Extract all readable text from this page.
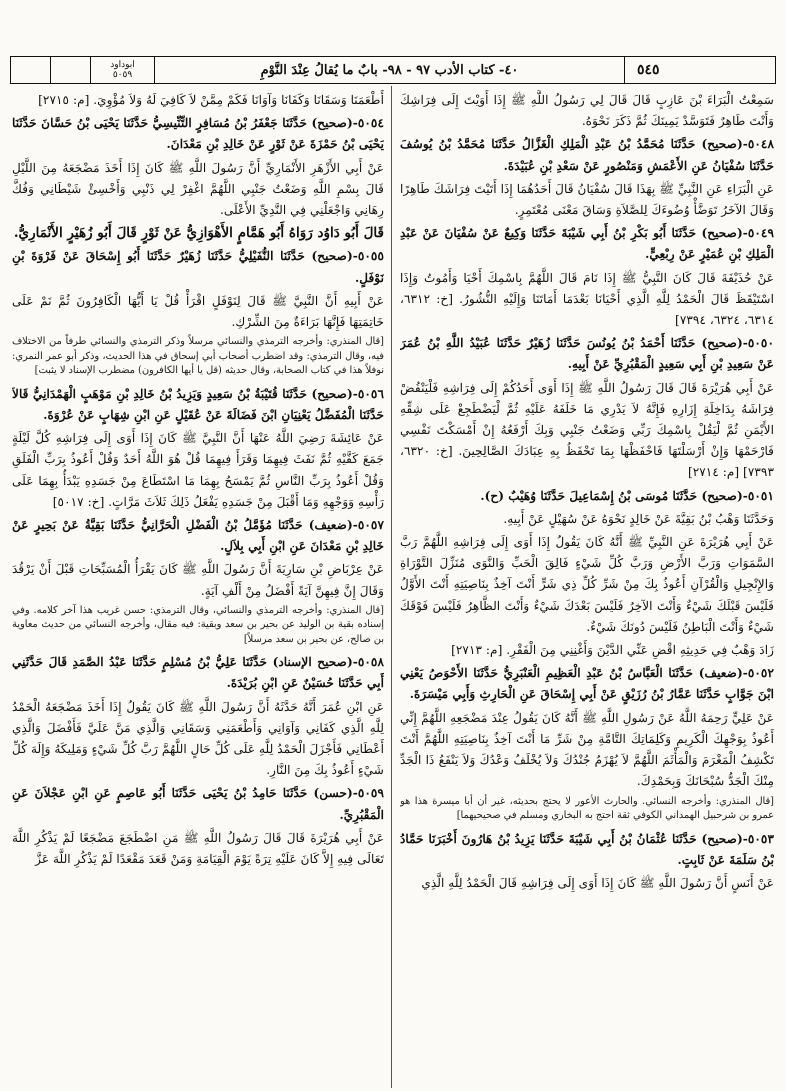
ابوداود
٥٠٥٩	٤٠- كتاب الأدب ٩٧ - ٩٨- بابٌ ما يُقالُ عِنْدَ النَّوْمِ	٥٤٥

سَمِعْتُ الْبَرَاءَ بْنَ عَازِبٍ قَالَ قَالَ لِي رَسُولُ اللَّهِ ﷺ إِذَا أَوَيْتَ إِلَى فِرَاشِكَ وَأَنْتَ طَاهِرٌ فَتَوَسَّدْ يَمِينَكَ ثُمَّ ذَكَرَ نَحْوَهُ.

٥٠٤٨-(صحيح) حَدَّثَنَا مُحَمَّدُ بْنُ عَبْدِ الْمَلِكِ الْغَزَّالُ حَدَّثَنَا مُحَمَّدُ بْنُ يُوسُفَ حَدَّثَنَا سُفْيَانُ عَنِ الأَعْمَشِ وَمَنْصُورٍ عَنْ سَعْدِ بْنِ عُبَيْدَةَ.

عَنِ الْبَرَاءِ عَنِ النَّبِيِّ ﷺ بِهَذَا قَالَ سُفْيَانُ قَالَ أَحَدُهُمَا إِذَا أَتَيْتَ فِرَاشَكَ طَاهِرًا وَقَالَ الآخَرُ تَوَضَّأْ وُضُوءَكَ لِلصَّلاَةِ وَسَاقَ مَعْنَى مُعْتَمِرٍ.

٥٠٤٩-(صحيح) حَدَّثَنَا أَبُو بَكْرِ بْنُ أَبِي شَيْبَةَ حَدَّثَنَا وَكِيعٌ عَنْ سُفْيَانَ عَنْ عَبْدِ الْمَلِكِ بْنِ عُمَيْرٍ عَنْ رِبْعِيٍّ.

عَنْ حُذَيْفَةَ قَالَ كَانَ النَّبِيُّ ﷺ إِذَا نَامَ قَالَ اللَّهُمَّ بِاسْمِكَ أَحْيَا وَأَمُوتُ وَإِذَا اسْتَيْقَظَ قَالَ الْحَمْدُ لِلَّهِ الَّذِي أَحْيَانَا بَعْدَمَا أَمَاتَنَا وَإِلَيْهِ النُّشُورُ. [خ: ٦٣١٢، ٦٣١٤، ٦٣٢٤، ٧٣٩٤]

٥٠٥٠-(صحيح) حَدَّثَنَا أَحْمَدُ بْنُ يُونُسَ حَدَّثَنَا زُهَيْرٌ حَدَّثَنَا عُبَيْدُ اللَّهِ بْنُ عُمَرَ عَنْ سَعِيدِ بْنِ أَبِي سَعِيدٍ الْمَقْبُرِيِّ عَنْ أَبِيهِ.

عَنْ أَبِي هُرَيْرَةَ قَالَ قَالَ رَسُولُ اللَّهِ ﷺ إِذَا أَوَى أَحَدُكُمْ إِلَى فِرَاشِهِ فَلْيَنْفُضْ فِرَاشَهُ بِدَاخِلَةِ إِزَارِهِ فَإِنَّهُ لاَ يَدْرِي مَا خَلَفَهُ عَلَيْهِ ثُمَّ لْيَضْطَجِعْ عَلَى شِقِّهِ الأَيْمَنِ ثُمَّ لْيَقُلْ بِاسْمِكَ رَبِّي وَضَعْتُ جَنْبِي وَبِكَ أَرْفَعُهُ إِنْ أَمْسَكْتَ نَفْسِي فَارْحَمْهَا وَإِنْ أَرْسَلْتَهَا فَاحْفَظْهَا بِمَا تَحْفَظُ بِهِ عِبَادَكَ الصَّالِحِينَ. [خ: ٦٣٢٠، ٧٣٩٣] [م: ٢٧١٤]

٥٠٥١-(صحيح) حَدَّثَنَا مُوسَى بْنُ إِسْمَاعِيلَ حَدَّثَنَا وُهَيْبٌ (ح).

وَحَدَّثَنَا وَهْبُ بْنُ بَقِيَّةَ عَنْ خَالِدٍ نَحْوَهُ عَنْ سُهَيْلٍ عَنْ أَبِيهِ.

عَنْ أَبِي هُرَيْرَةَ عَنِ النَّبِيِّ ﷺ أَنَّهُ كَانَ يَقُولُ إِذَا أَوَى إِلَى فِرَاشِهِ اللَّهُمَّ رَبَّ السَّمَوَاتِ وَرَبَّ الأَرْضِ وَرَبَّ كُلِّ شَيْءٍ فَالِقَ الْحَبِّ وَالنَّوَى مُنَزِّلَ التَّوْرَاةِ وَالإِنْجِيلِ وَالْقُرْآنِ أَعُوذُ بِكَ مِنْ شَرِّ كُلِّ ذِي شَرٍّ أَنْتَ آخِذٌ بِنَاصِيَتِهِ أَنْتَ الأَوَّلُ فَلَيْسَ قَبْلَكَ شَيْءٌ وَأَنْتَ الآخِرُ فَلَيْسَ بَعْدَكَ شَيْءٌ وَأَنْتَ الظَّاهِرُ فَلَيْسَ فَوْقَكَ شَيْءٌ وَأَنْتَ الْبَاطِنُ فَلَيْسَ دُونَكَ شَيْءٌ.

زَادَ وَهْبٌ فِي حَدِيثِهِ اقْضِ عَنِّي الدَّيْنَ وَأَغْنِنِي مِنَ الْفَقْرِ. [م: ٢٧١٣]

٥٠٥٢-(ضعيف) حَدَّثَنَا الْعَبَّاسُ بْنُ عَبْدِ الْعَظِيمِ الْعَنْبَرِيُّ حَدَّثَنَا الأَحْوَصُ يَعْنِي ابْنَ جَوَّابٍ حَدَّثَنَا عَمَّارُ بْنُ رُزَيْقٍ عَنْ أَبِي إِسْحَاقَ عَنِ الْحَارِثِ وَأَبِي مَيْسَرَةَ.

عَنْ عَلِيٍّ رَحِمَهُ اللَّهُ عَنْ رَسُولِ اللَّهِ ﷺ أَنَّهُ كَانَ يَقُولُ عِنْدَ مَضْجَعِهِ اللَّهُمَّ إِنِّي أَعُوذُ بِوَجْهِكَ الْكَرِيمِ وَكَلِمَاتِكَ التَّامَّةِ مِنْ شَرِّ مَا أَنْتَ آخِذٌ بِنَاصِيَتِهِ اللَّهُمَّ أَنْتَ تَكْشِفُ الْمَغْرَمَ وَالْمَأْثَمَ اللَّهُمَّ لاَ يُهْزَمُ جُنْدُكَ وَلاَ يُخْلَفُ وَعْدُكَ وَلاَ يَنْفَعُ ذَا الْجَدِّ مِنْكَ الْجَدُّ سُبْحَانَكَ وَبِحَمْدِكَ.

[قال المنذري: وأخرجه النسائي. والحارث الأعور لا يحتج بحديثه، غير أن أبا ميسرة هذا هو عمرو بن شرحبيل الهمداني الكوفي ثقة احتج به البخاري ومسلم في صحيحيهما]

٥٠٥٣-(صحيح) حَدَّثَنَا عُثْمَانُ بْنُ أَبِي شَيْبَةَ حَدَّثَنَا يَزِيدُ بْنُ هَارُونَ أَخْبَرَنَا حَمَّادُ بْنُ سَلَمَةَ عَنْ ثَابِتٍ.

عَنْ أَنَسٍ أَنَّ رَسُولَ اللَّهِ ﷺ كَانَ إِذَا أَوَى إِلَى فِرَاشِهِ قَالَ الْحَمْدُ لِلَّهِ الَّذِي

أَطْعَمَنَا وَسَقَانَا وَكَفَانَا وَآوَانَا فَكَمْ مِمَّنْ لاَ كَافِيَ لَهُ وَلاَ مُؤْوِيَ. [م: ٢٧١٥]

٥٠٥٤-(صحيح) حَدَّثَنَا جَعْفَرُ بْنُ مُسَافِرٍ التِّنِّيسِيُّ حَدَّثَنَا يَحْيَى بْنُ حَسَّانَ حَدَّثَنَا يَحْيَى بْنُ حَمْزَةَ عَنْ ثَوْرٍ عَنْ خَالِدِ بْنِ مَعْدَانَ.

عَنْ أَبِي الأَزْهَرِ الأَنْمَارِيِّ أَنَّ رَسُولَ اللَّهِ ﷺ كَانَ إِذَا أَخَذَ مَضْجَعَهُ مِنَ اللَّيْلِ قَالَ بِسْمِ اللَّهِ وَضَعْتُ جَنْبِي اللَّهُمَّ اغْفِرْ لِي ذَنْبِي وَأَخْسِئْ شَيْطَانِي وَفُكَّ رِهَانِي وَاجْعَلْنِي فِي النَّدِيِّ الأَعْلَى.

قَالَ أَبُو دَاوُد رَوَاهُ أَبُو هَمَّامٍ الأَهْوَازِيُّ عَنْ ثَوْرٍ قَالَ أَبُو زُهَيْرٍ الأَنْمَارِيُّ.

٥٠٥٥-(صحيح) حَدَّثَنَا النُّفَيْلِيُّ حَدَّثَنَا زُهَيْرٌ حَدَّثَنَا أَبُو إِسْحَاقَ عَنْ فَرْوَةَ بْنِ نَوْفَلٍ.

عَنْ أَبِيهِ أَنَّ النَّبِيَّ ﷺ قَالَ لِنَوْفَلٍ اقْرَأْ قُلْ يَا أَيُّهَا الْكَافِرُونَ ثُمَّ نَمْ عَلَى خَاتِمَتِهَا فَإِنَّهَا بَرَاءَةٌ مِنَ الشِّرْكِ.

[قال المنذري: وأخرجه الترمذي والنسائي مرسلاً وذكر الترمذي والنسائي طرفاً من الاختلاف فيه، وقال الترمذي: وقد اضطرب أصحاب أبي إسحاق في هذا الحديث، وذكر أبو عمر النمري: نوفلاً هذا في كتاب الصحابة، وقال حديثه (قل يا أيها الكافرون) مضطرب الإسناد لا يثبت]

٥٠٥٦-(صحيح) حَدَّثَنَا قُتَيْبَةُ بْنُ سَعِيدٍ وَيَزِيدُ بْنُ خَالِدِ بْنِ مَوْهَبٍ الْهَمْدَانِيُّ قَالاَ حَدَّثَنَا الْمُفَضَّلُ يَعْنِيَانِ ابْنَ فَضَالَةَ عَنْ عُقَيْلٍ عَنِ ابْنِ شِهَابٍ عَنْ عُرْوَةَ.

عَنْ عَائِشَةَ رَضِيَ اللَّهُ عَنْهَا أَنَّ النَّبِيَّ ﷺ كَانَ إِذَا أَوَى إِلَى فِرَاشِهِ كُلَّ لَيْلَةٍ جَمَعَ كَفَّيْهِ ثُمَّ نَفَثَ فِيهِمَا وَقَرَأَ فِيهِمَا قُلْ هُوَ اللَّهُ أَحَدٌ وَقُلْ أَعُوذُ بِرَبِّ الْفَلَقِ وَقُلْ أَعُوذُ بِرَبِّ النَّاسِ ثُمَّ يَمْسَحُ بِهِمَا مَا اسْتَطَاعَ مِنْ جَسَدِهِ يَبْدَأُ بِهِمَا عَلَى رَأْسِهِ وَوَجْهِهِ وَمَا أَقْبَلَ مِنْ جَسَدِهِ يَفْعَلُ ذَلِكَ ثَلاَثَ مَرَّاتٍ. [خ: ٥٠١٧]

٥٠٥٧-(ضعيف) حَدَّثَنَا مُؤَمَّلُ بْنُ الْفَضْلِ الْحَرَّانِيُّ حَدَّثَنَا بَقِيَّةُ عَنْ بَحِيرٍ عَنْ خَالِدِ بْنِ مَعْدَانَ عَنِ ابْنِ أَبِي بِلاَلٍ.

عَنْ عِرْبَاضِ بْنِ سَارِيَةَ أَنَّ رَسُولَ اللَّهِ ﷺ كَانَ يَقْرَأُ الْمُسَبِّحَاتِ قَبْلَ أَنْ يَرْقُدَ وَقَالَ إِنَّ فِيهِنَّ آيَةً أَفْضَلُ مِنْ أَلْفِ آيَةٍ.

[قال المنذري: وأخرجه الترمذي والنسائي، وقال الترمذي: حسن غريب هذا آخر كلامه. وفي إسناده بقية بن الوليد عن بحير بن سعد وبقية: فيه مقال، وأخرجه النسائي من حديث معاوية بن صالح، عن بحير بن سعد مرسلاً]

٥٠٥٨-(صحيح الإسناد) حَدَّثَنَا عَلِيُّ بْنُ مُسْلِمٍ حَدَّثَنَا عَبْدُ الصَّمَدِ قَالَ حَدَّثَنِي أَبِي حَدَّثَنَا حُسَيْنٌ عَنِ ابْنِ بُرَيْدَةَ.

عَنِ ابْنِ عُمَرَ أَنَّهُ حَدَّثَهُ أَنَّ رَسُولَ اللَّهِ ﷺ كَانَ يَقُولُ إِذَا أَخَذَ مَضْجَعَهُ الْحَمْدُ لِلَّهِ الَّذِي كَفَانِي وَآوَانِي وَأَطْعَمَنِي وَسَقَانِي وَالَّذِي مَنَّ عَلَيَّ فَأَفْضَلَ وَالَّذِي أَعْطَانِي فَأَجْزَلَ الْحَمْدُ لِلَّهِ عَلَى كُلِّ حَالٍ اللَّهُمَّ رَبَّ كُلِّ شَيْءٍ وَمَلِيكَهُ وَإِلَهَ كُلِّ شَيْءٍ أَعُوذُ بِكَ مِنَ النَّارِ.

٥٠٥٩-(حسن) حَدَّثَنَا حَامِدُ بْنُ يَحْيَى حَدَّثَنَا أَبُو عَاصِمٍ عَنِ ابْنِ عَجْلاَنَ عَنِ الْمَقْبُرِيِّ.

عَنْ أَبِي هُرَيْرَةَ قَالَ قَالَ رَسُولُ اللَّهِ ﷺ مَنِ اضْطَجَعَ مَضْجَعًا لَمْ يَذْكُرِ اللَّهَ تَعَالَى فِيهِ إِلاَّ كَانَ عَلَيْهِ تِرَةً يَوْمَ الْقِيَامَةِ وَمَنْ قَعَدَ مَقْعَدًا لَمْ يَذْكُرِ اللَّهَ عَزَّ
